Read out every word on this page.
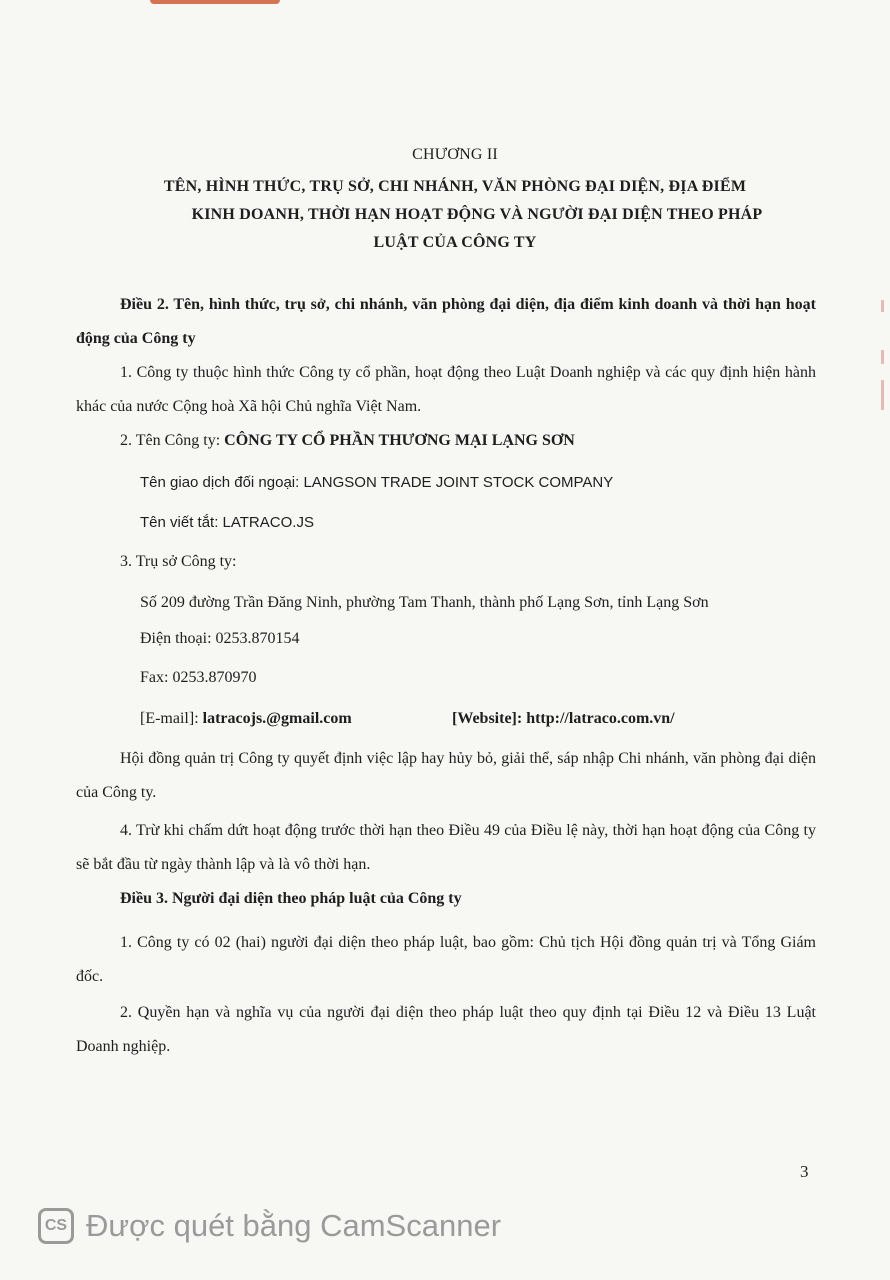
CHƯƠNG II

TÊN, HÌNH THỨC, TRỤ SỞ, CHI NHÁNH, VĂN PHÒNG ĐẠI DIỆN, ĐỊA ĐIỂM

KINH DOANH, THỜI HẠN HOẠT ĐỘNG VÀ NGƯỜI ĐẠI DIỆN THEO PHÁP

LUẬT CỦA CÔNG TY

Điều 2. Tên, hình thức, trụ sở, chi nhánh, văn phòng đại diện, địa điểm kinh doanh và thời hạn hoạt động của Công ty

1. Công ty thuộc hình thức Công ty cổ phần, hoạt động theo Luật Doanh nghiệp và các quy định hiện hành khác của nước Cộng hoà Xã hội Chủ nghĩa Việt Nam.

2. Tên Công ty: CÔNG TY CỔ PHẦN THƯƠNG MẠI LẠNG SƠN

Tên giao dịch đối ngoại: LANGSON TRADE JOINT STOCK COMPANY

Tên viết tắt: LATRACO.JS

3. Trụ sở Công ty:

Số 209 đường Trần Đăng Ninh, phường Tam Thanh, thành phố Lạng Sơn, tỉnh Lạng Sơn

Điện thoại: 0253.870154

Fax: 0253.870970

[E-mail]: latracojs.@gmail.com	[Website]: http://latraco.com.vn/

Hội đồng quản trị Công ty quyết định việc lập hay hủy bỏ, giải thể, sáp nhập Chi nhánh, văn phòng đại diện của Công ty.

4. Trừ khi chấm dứt hoạt động trước thời hạn theo Điều 49 của Điều lệ này, thời hạn hoạt động của Công ty sẽ bắt đầu từ ngày thành lập và là vô thời hạn.

Điều 3. Người đại diện theo pháp luật của Công ty

1. Công ty có 02 (hai) người đại diện theo pháp luật, bao gồm: Chủ tịch Hội đồng quản trị và Tổng Giám đốc.

2. Quyền hạn và nghĩa vụ của người đại diện theo pháp luật theo quy định tại Điều 12 và Điều 13 Luật Doanh nghiệp.

3
CS Được quét bằng CamScanner
